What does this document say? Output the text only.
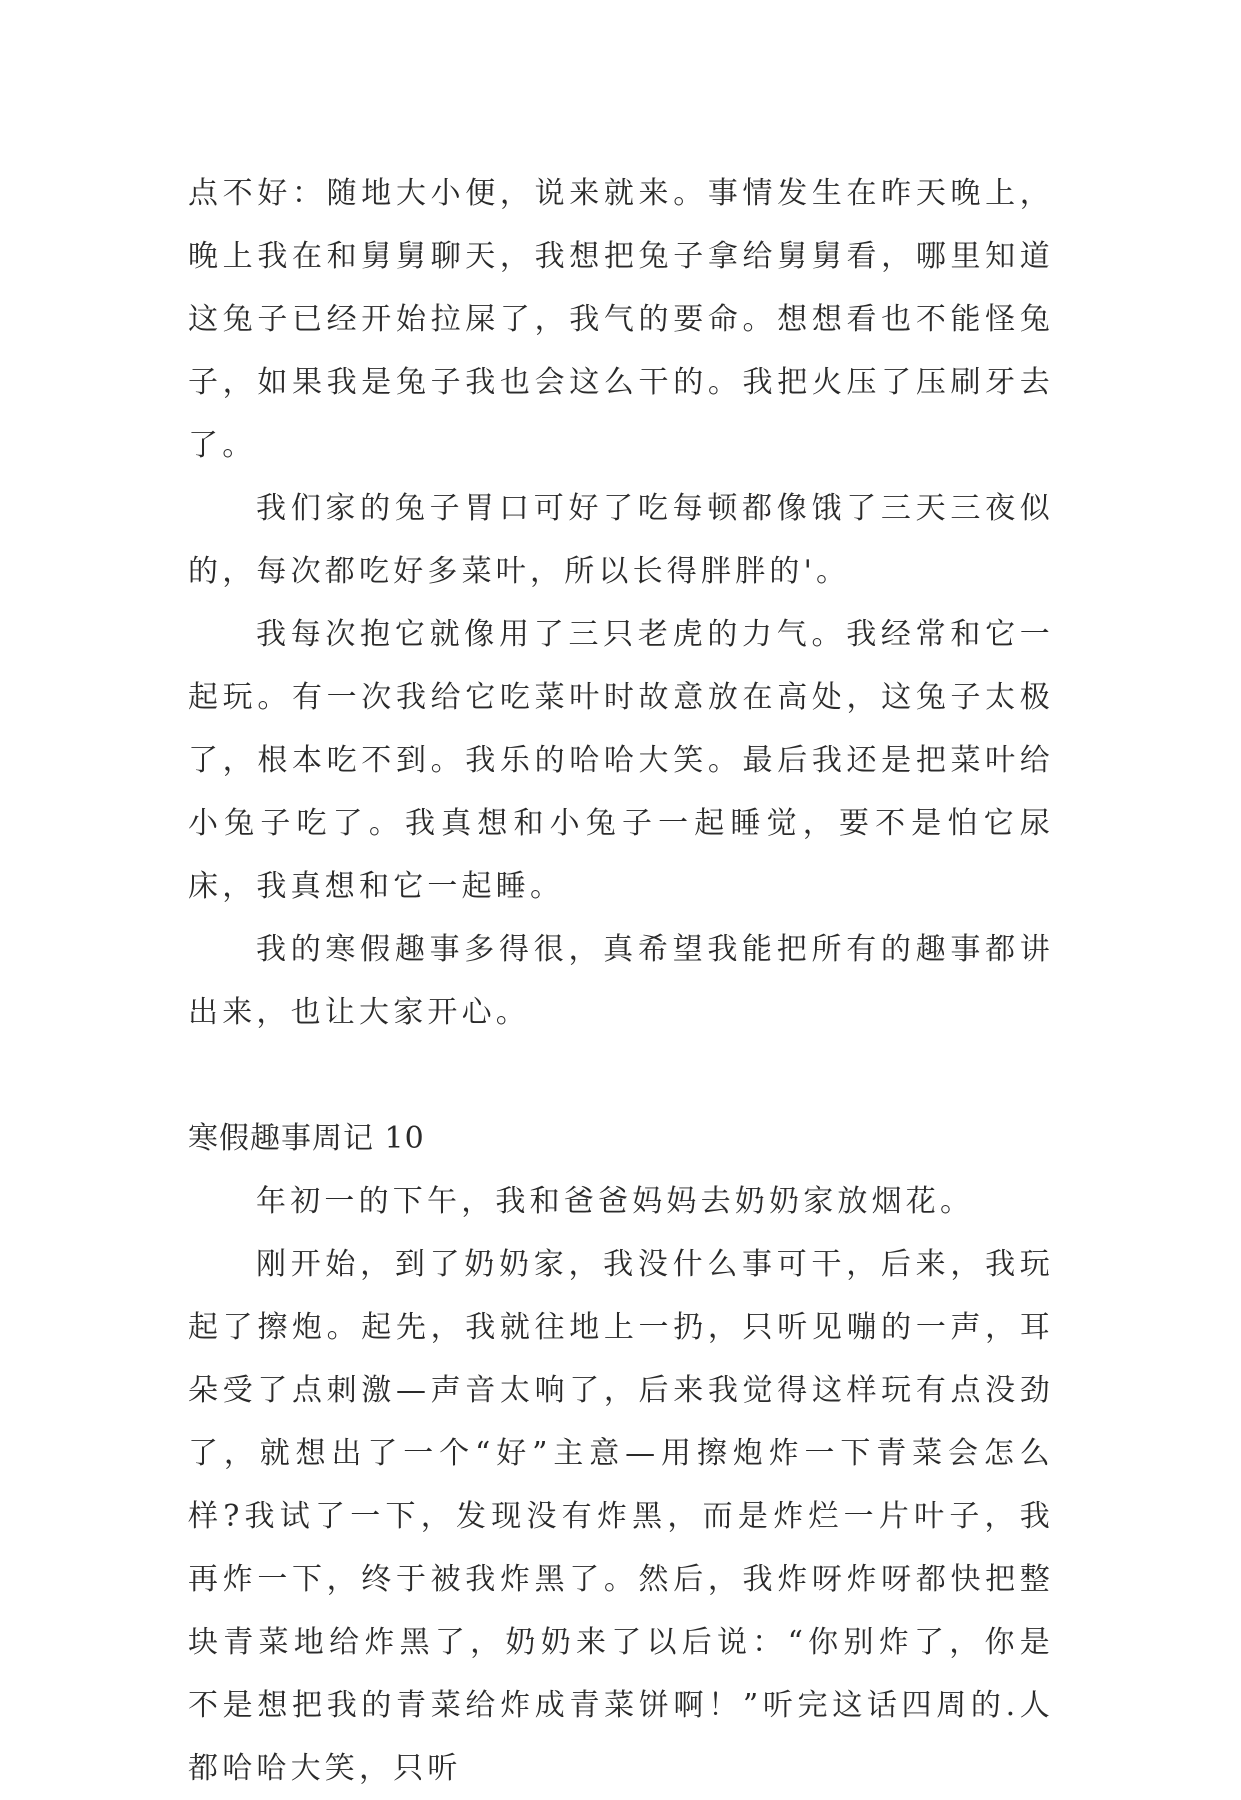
点不好：随地大小便，说来就来。事情发生在昨天晚上，晚上我在和舅舅聊天，我想把兔子拿给舅舅看，哪里知道这兔子已经开始拉屎了，我气的要命。想想看也不能怪兔子，如果我是兔子我也会这么干的。我把火压了压刷牙去了。

我们家的兔子胃口可好了吃每顿都像饿了三天三夜似的，每次都吃好多菜叶，所以长得胖胖的'。

我每次抱它就像用了三只老虎的力气。我经常和它一起玩。有一次我给它吃菜叶时故意放在高处，这兔子太极了，根本吃不到。我乐的哈哈大笑。最后我还是把菜叶给小兔子吃了。我真想和小兔子一起睡觉，要不是怕它尿床，我真想和它一起睡。

我的寒假趣事多得很，真希望我能把所有的趣事都讲出来，也让大家开心。

寒假趣事周记 10

年初一的下午，我和爸爸妈妈去奶奶家放烟花。

刚开始，到了奶奶家，我没什么事可干，后来，我玩起了擦炮。起先，我就往地上一扔，只听见嘣的一声，耳朵受了点刺激—声音太响了，后来我觉得这样玩有点没劲了，就想出了一个“好”主意—用擦炮炸一下青菜会怎么样?我试了一下，发现没有炸黑，而是炸烂一片叶子，我再炸一下，终于被我炸黑了。然后，我炸呀炸呀都快把整块青菜地给炸黑了，奶奶来了以后说：“你别炸了，你是不是想把我的青菜给炸成青菜饼啊！”听完这话四周的.人都哈哈大笑，只听
